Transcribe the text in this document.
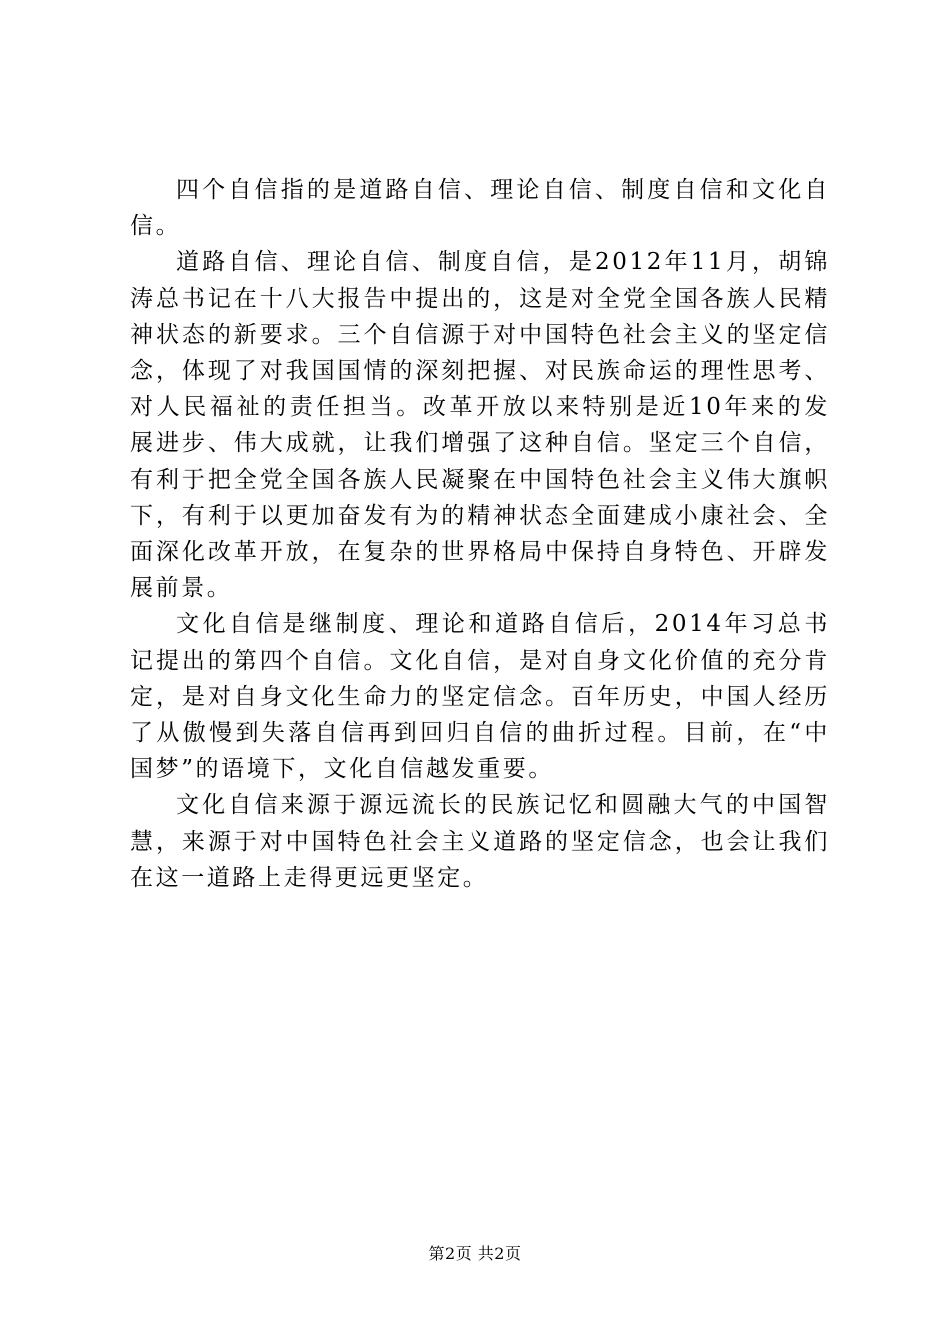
四个自信指的是道路自信、理论自信、制度自信和文化自信。

道路自信、理论自信、制度自信，是2012年11月，胡锦涛总书记在十八大报告中提出的，这是对全党全国各族人民精神状态的新要求。三个自信源于对中国特色社会主义的坚定信念，体现了对我国国情的深刻把握、对民族命运的理性思考、对人民福祉的责任担当。改革开放以来特别是近10年来的发展进步、伟大成就，让我们增强了这种自信。坚定三个自信，有利于把全党全国各族人民凝聚在中国特色社会主义伟大旗帜下，有利于以更加奋发有为的精神状态全面建成小康社会、全面深化改革开放，在复杂的世界格局中保持自身特色、开辟发展前景。

文化自信是继制度、理论和道路自信后，2014年习总书记提出的第四个自信。文化自信，是对自身文化价值的充分肯定，是对自身文化生命力的坚定信念。百年历史，中国人经历了从傲慢到失落自信再到回归自信的曲折过程。目前，在“中国梦”的语境下，文化自信越发重要。

文化自信来源于源远流长的民族记忆和圆融大气的中国智慧，来源于对中国特色社会主义道路的坚定信念，也会让我们在这一道路上走得更远更坚定。

第2页 共2页
